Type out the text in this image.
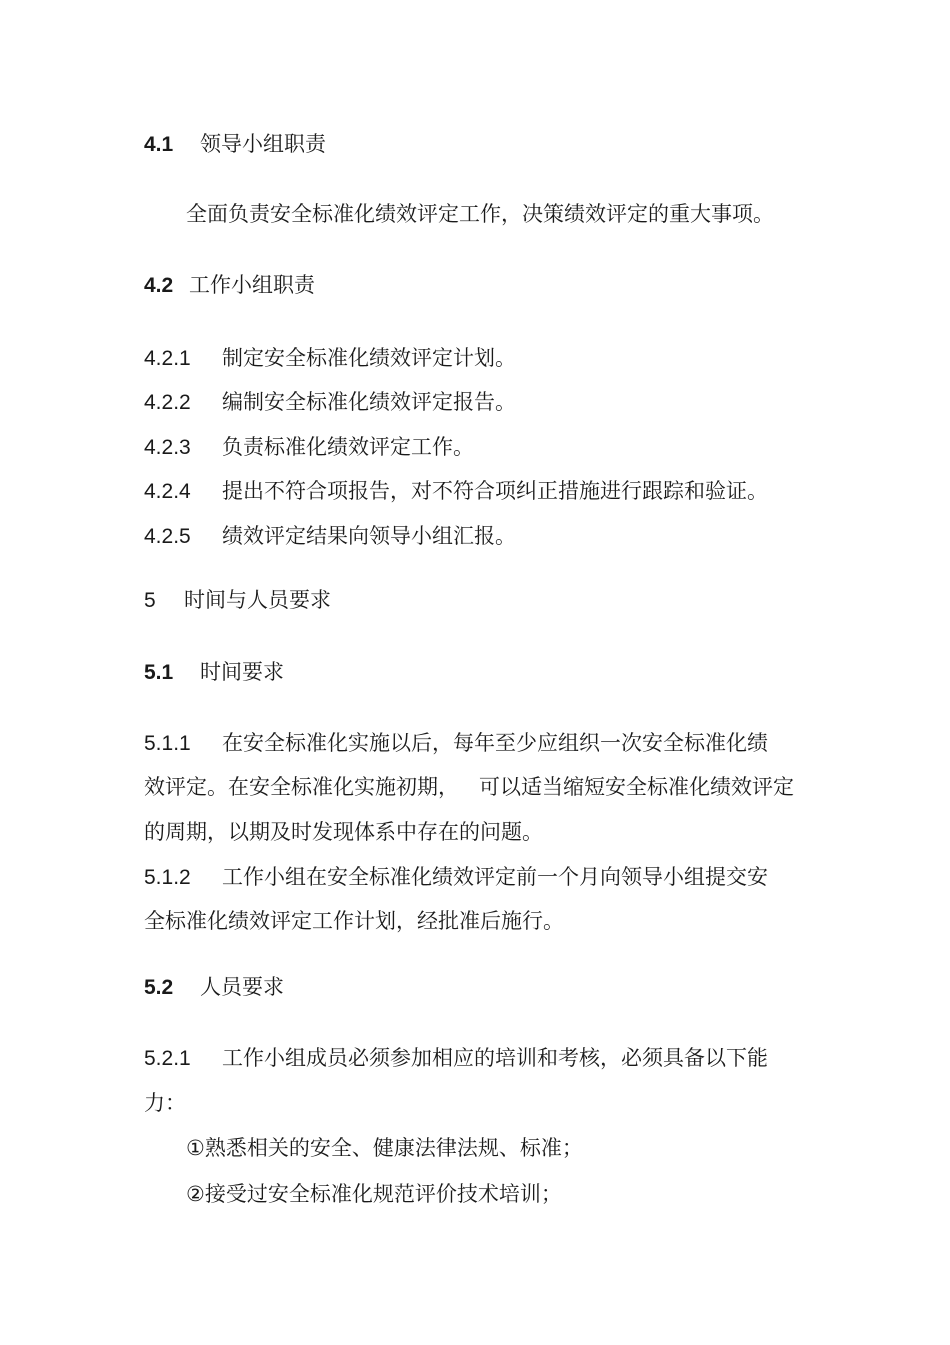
4.1 领导小组职责
全面负责安全标准化绩效评定工作，决策绩效评定的重大事项。
4.2 工作小组职责
4.2.1 制定安全标准化绩效评定计划。
4.2.2 编制安全标准化绩效评定报告。
4.2.3 负责标准化绩效评定工作。
4.2.4 提出不符合项报告，对不符合项纠正措施进行跟踪和验证。
4.2.5 绩效评定结果向领导小组汇报。
5 时间与人员要求
5.1 时间要求
5.1.1 在安全标准化实施以后，每年至少应组织一次安全标准化绩
效评定。在安全标准化实施初期，   可以适当缩短安全标准化绩效评定
的周期，以期及时发现体系中存在的问题。
5.1.2 工作小组在安全标准化绩效评定前一个月向领导小组提交安
全标准化绩效评定工作计划，经批准后施行。
5.2 人员要求
5.2.1 工作小组成员必须参加相应的培训和考核，必须具备以下能
力：
①熟悉相关的安全、健康法律法规、标准；
②接受过安全标准化规范评价技术培训；
